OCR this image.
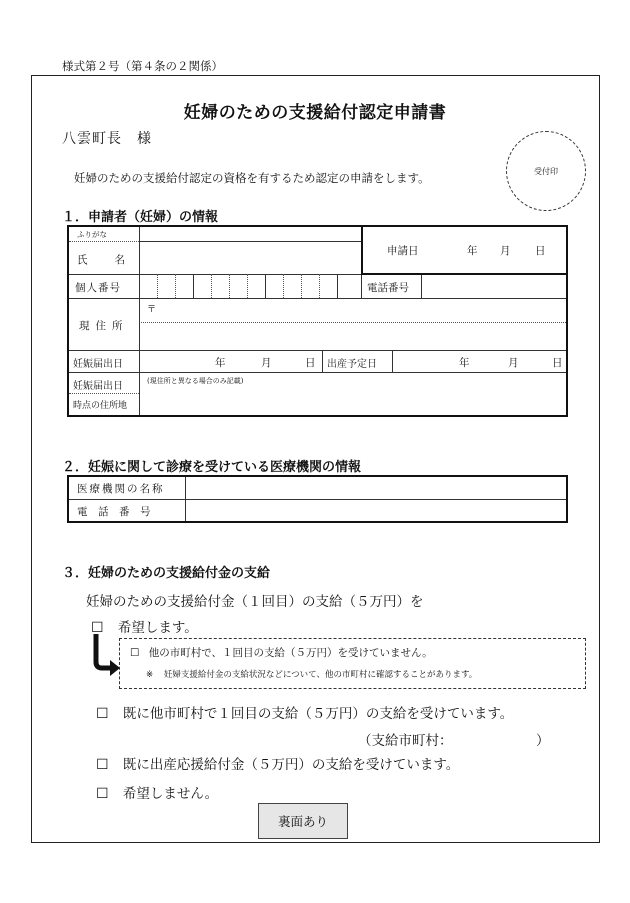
様式第２号（第４条の２関係）
妊婦のための支援給付認定申請書
八雲町長　様
妊婦のための支援給付認定の資格を有するため認定の申請をします。	受付印
１．申請者（妊婦）の情報
ふりがな
氏　　名
申請日	年 月 日
個人番号	電話番号
〒
現住所
妊娠届出日	年	月	日 出産予定日	年	月	日
妊娠届出日
時点の住所地
(現住所と異なる場合のみ記載)
２．妊娠に関して診療を受けている医療機関の情報
医療機関の名称
電　話　番　号
３．妊婦のための支援給付金の支給
妊婦のための支援給付金（１回目）の支給（５万円）を
☐ 希望します。
☐ 他の市町村で、１回目の支給（５万円）を受けていません。
※ 妊婦支援給付金の支給状況などについて、他の市町村に確認することがあります。
☐ 既に他市町村で１回目の支給（５万円）の支給を受けています。
（支給市町村：	）
☐ 既に出産応援給付金（５万円）の支給を受けています。
☐ 希望しません。
裏面あり
